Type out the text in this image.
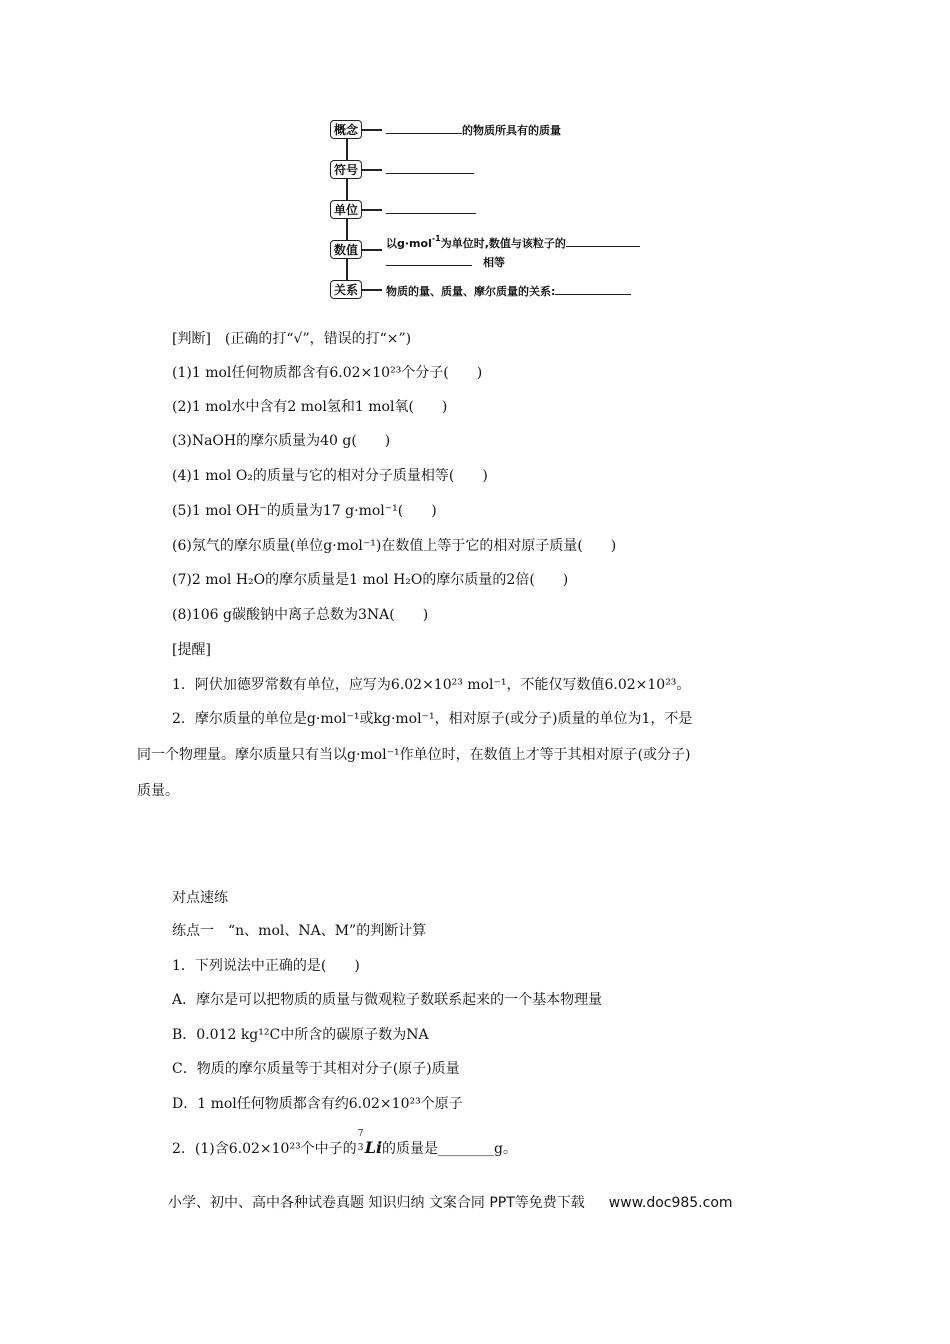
概念	的物质所具有的质量
符号
单位
数值	以g·mol$^{-1}$为单位时,数值与该粒子的
　相等
关系	物质的量、质量、摩尔质量的关系:
[判断]　(正确的打“√”，错误的打“×”)
(1)1 mol任何物质都含有6.02×10²³个分子(　　)
(2)1 mol水中含有2 mol氢和1 mol氧(　　)
(3)NaOH的摩尔质量为40 g(　　)
(4)1 mol O₂的质量与它的相对分子质量相等(　　)
(5)1 mol OH⁻的质量为17 g·mol⁻¹(　　)
(6)氖气的摩尔质量(单位g·mol⁻¹)在数值上等于它的相对原子质量(　　)
(7)2 mol H₂O的摩尔质量是1 mol H₂O的摩尔质量的2倍(　　)
(8)106 g碳酸钠中离子总数为3NA(　　)
[提醒]
1．阿伏加德罗常数有单位，应写为6.02×10²³ mol⁻¹，不能仅写数值6.02×10²³。
2．摩尔质量的单位是g·mol⁻¹或kg·mol⁻¹，相对原子(或分子)质量的单位为1，不是
同一个物理量。摩尔质量只有当以g·mol⁻¹作单位时，在数值上才等于其相对原子(或分子)
质量。
对点速练
练点一　“n、mol、NA、M”的判断计算
1．下列说法中正确的是(　　)
A．摩尔是可以把物质的质量与微观粒子数联系起来的一个基本物理量
B．0.012 kg¹²C中所含的碳原子数为NA
C．物质的摩尔质量等于其相对分子(原子)质量
D．1 mol任何物质都含有约6.02×10²³个原子
2．(1)含6.02×10²³个中子的
7
3 Li的质量是________g。
小学、初中、高中各种试卷真题 知识归纳 文案合同 PPT等免费下载 www.doc985.com
